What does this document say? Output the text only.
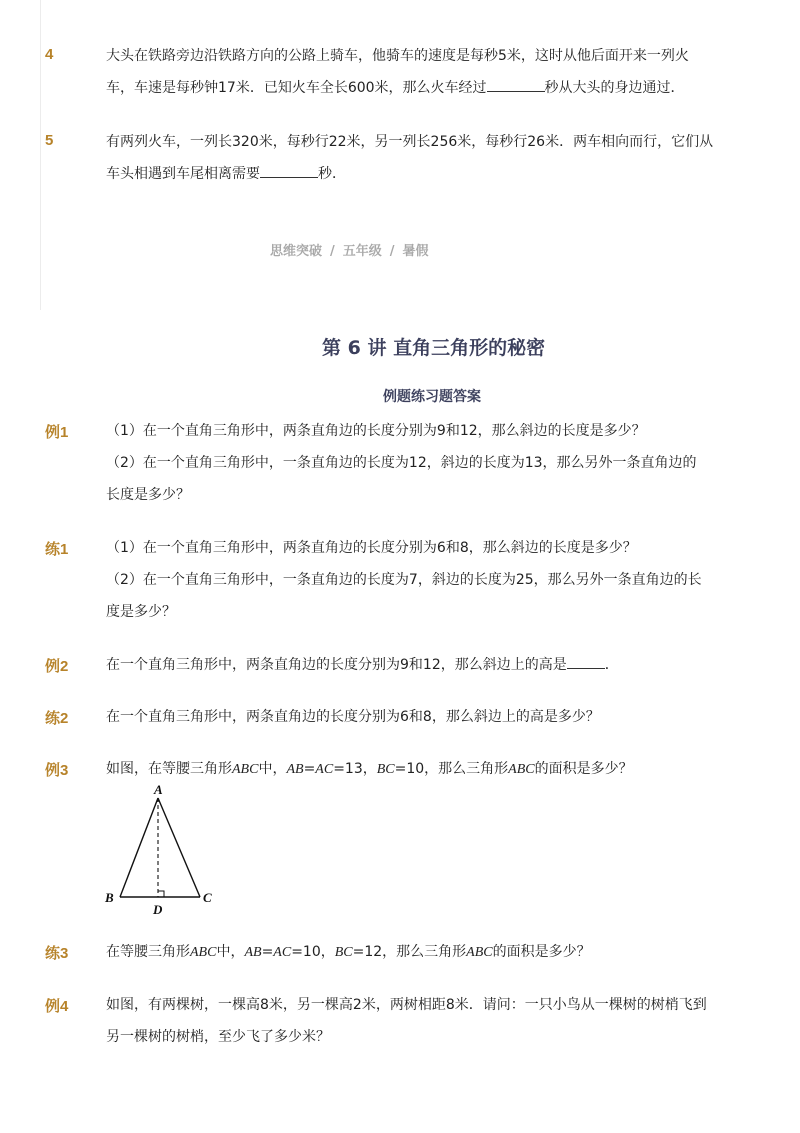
4	大头在铁路旁边沿铁路方向的公路上骑车，他骑车的速度是每秒5米，这时从他后面开来一列火
车，车速是每秒钟17米．已知火车全长600米，那么火车经过	秒从大头的身边通过．
5	有两列火车，一列长320米，每秒行22米，另一列长256米，每秒行26米．两车相向而行，它们从
车头相遇到车尾相离需要	秒．
思维突破 / 五年级 / 暑假
第 6 讲 直角三角形的秘密
例题练习题答案
例1	（1）在一个直角三角形中，两条直角边的长度分别为9和12，那么斜边的长度是多少？
（2）在一个直角三角形中，一条直角边的长度为12，斜边的长度为13，那么另外一条直角边的
长度是多少？
练1	（1）在一个直角三角形中，两条直角边的长度分别为6和8，那么斜边的长度是多少？
（2）在一个直角三角形中，一条直角边的长度为7，斜边的长度为25，那么另外一条直角边的长
度是多少？
例2	在一个直角三角形中，两条直角边的长度分别为9和12，那么斜边上的高是	．
练2	在一个直角三角形中，两条直角边的长度分别为6和8，那么斜边上的高是多少？
例3	如图，在等腰三角形ABC中，AB=AC=13，BC=10，那么三角形ABC的面积是多少？
A
B	C
D
练3	在等腰三角形ABC中，AB=AC=10，BC=12，那么三角形ABC的面积是多少？
例4	如图，有两棵树，一棵高8米，另一棵高2米，两树相距8米．请问：一只小鸟从一棵树的树梢飞到
另一棵树的树梢，至少飞了多少米？
